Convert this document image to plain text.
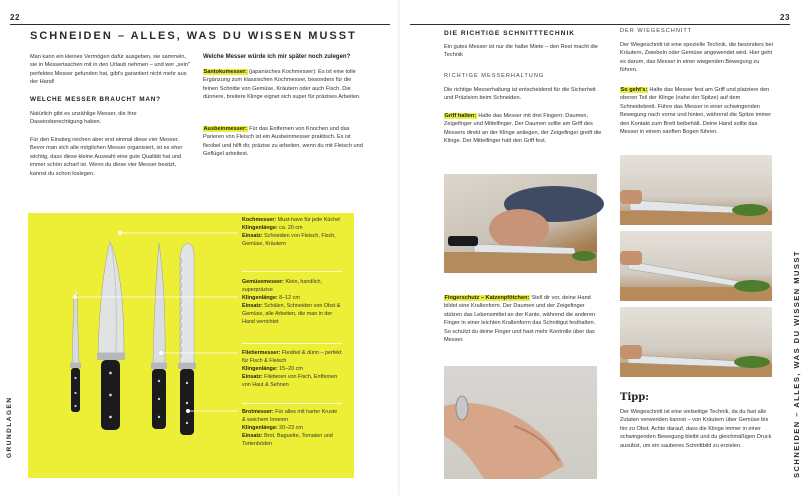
22
SCHNEIDEN – ALLES, WAS DU WISSEN MUSST
GRUNDLAGEN

Man kann ein kleines Vermögen dafür ausgeben, sie sammeln, sie in Messertaschen mit in den Urlaub nehmen – und wer „sein" perfektes Messer gefunden hat, gibt's garantiert nicht mehr aus der Hand!

WELCHE MESSER BRAUCHT MAN?

Natürlich gibt es unzählige Messer, die ihre Daseinsberechtigung haben.

Für den Einstieg reichen aber erst einmal diese vier Messer. Bevor man sich alle möglichen Messer organisiert, ist es eher wichtig, dass diese kleine Auswahl eine gute Qualität hat und immer schön scharf ist. Wenn du diese vier Messer besitzt, kannst du schon loslegen.

Welche Messer würde ich mir später noch zulegen?
Santokumesser: (japanisches Kochmesser): Es ist eine tolle Ergänzung zum klassischen Kochmesser, besonders für die feinen Schnitte von Gemüse, Kräutern oder auch Fisch. Die dünnere, breitere Klinge eignet sich super für präzises Arbeiten.
Ausbeinmesser: Für das Entfernen von Knochen und das Parieren von Fleisch ist ein Ausbeinmesser praktisch. Es ist flexibel und hilft dir, präzise zu arbeiten, wenn du mit Fleisch und Geflügel arbeitest.
Kochmesser: Must-have für jede Küche!
Klingenlänge: ca. 20 cm
Einsatz: Schneiden von Fleisch, Fisch, Gemüse, Kräutern
Gemüsemesser: Klein, handlich, superpräzise
Klingenlänge: 8–12 cm
Einsatz: Schälen, Schneiden von Obst & Gemüse, alle Arbeiten, die man in der Hand verrichtet
Filetiermesser: Flexibel & dünn – perfekt für Fisch & Fleisch
Klingenlänge: 15–20 cm
Einsatz: Filetieren von Fisch, Entfernen von Haut & Sehnen
Brotmesser: Für alles mit harter Kruste & weichem Inneren
Klingenlänge: 20–23 cm
Einsatz: Brot, Baguette, Tomaten und Tortenböden
23
SCHNEIDEN – ALLES, WAS DU WISSEN MUSST
DIE RICHTIGE SCHNITTTECHNIK

Ein gutes Messer ist nur die halbe Miete – den Rest macht die Technik

RICHTIGE MESSERHALTUNG

Die richtige Messerhaltung ist entscheidend für die Sicherheit und Präzision beim Schneiden.

Griff halten: Halte das Messer mit drei Fingern: Daumen, Zeigefinger und Mittelfinger. Der Daumen sollte am Griff des Messers direkt an der Klinge anliegen, der Zeigefinger greift die Klinge. Der Mittelfinger hält den Griff fest.
Fingerschutz – Katzenpfötchen: Stell dir vor, deine Hand bildet eine Krallenform. Der Daumen und der Zeigefinger stützen das Lebensmittel an der Kante, während die anderen Finger in einer leichten Krallenform das Schnittgut festhalten. So schützt du deine Finger und hast mehr Kontrolle über das Messer.
DER WIEGESCHNITT

Der Wiegeschnitt ist eine spezielle Technik, die besonders bei Kräutern, Zwiebeln oder Gemüse angewendet wird. Hier geht es darum, das Messer in einer wiegenden Bewegung zu führen.

So geht's: Halte das Messer fest am Griff und platziere den oberen Teil der Klinge (nahe der Spitze) auf dem Schneidebrett. Führe das Messer in einer schwingenden Bewegung nach vorne und hinten, während die Spitze immer den Kontakt zum Brett beibehält. Deine Hand sollte das Messer in einem sanften Bogen führen.
Tipp:

Der Wiegeschnitt ist eine vielseitige Technik, da du fast alle Zutaten verwenden kannst – von Kräutern über Gemüse bis hin zu Obst. Achte darauf, dass die Klinge immer in einer schwingenden Bewegung bleibt und du gleichmäßigen Druck ausübst, um ein sauberes Schnittbild zu erzielen.
